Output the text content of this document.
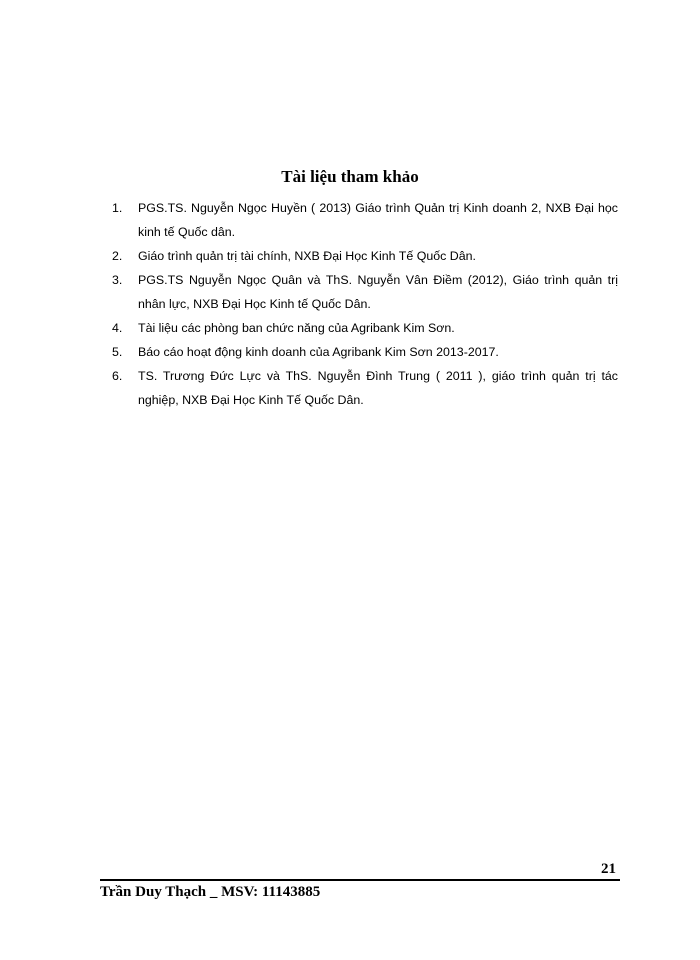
Tài liệu tham khảo
1. PGS.TS. Nguyễn Ngọc Huyền ( 2013) Giáo trình Quản trị Kinh doanh 2, NXB Đại học kinh tế Quốc dân.
2. Giáo trình quản trị tài chính, NXB Đại Học Kinh Tế Quốc Dân.
3. PGS.TS Nguyễn Ngọc Quân và ThS. Nguyễn Vân Điềm (2012), Giáo trình quản trị nhân lực, NXB Đại Học Kinh tế Quốc Dân.
4. Tài liệu các phòng ban chức năng của Agribank Kim Sơn.
5. Báo cáo hoạt động kinh doanh của Agribank Kim Sơn 2013-2017.
6. TS. Trương Đức Lực và ThS. Nguyễn Đình Trung ( 2011 ), giáo trình quản trị tác nghiệp, NXB Đại Học Kinh Tế Quốc Dân.
21
Trần Duy Thạch _ MSV: 11143885
